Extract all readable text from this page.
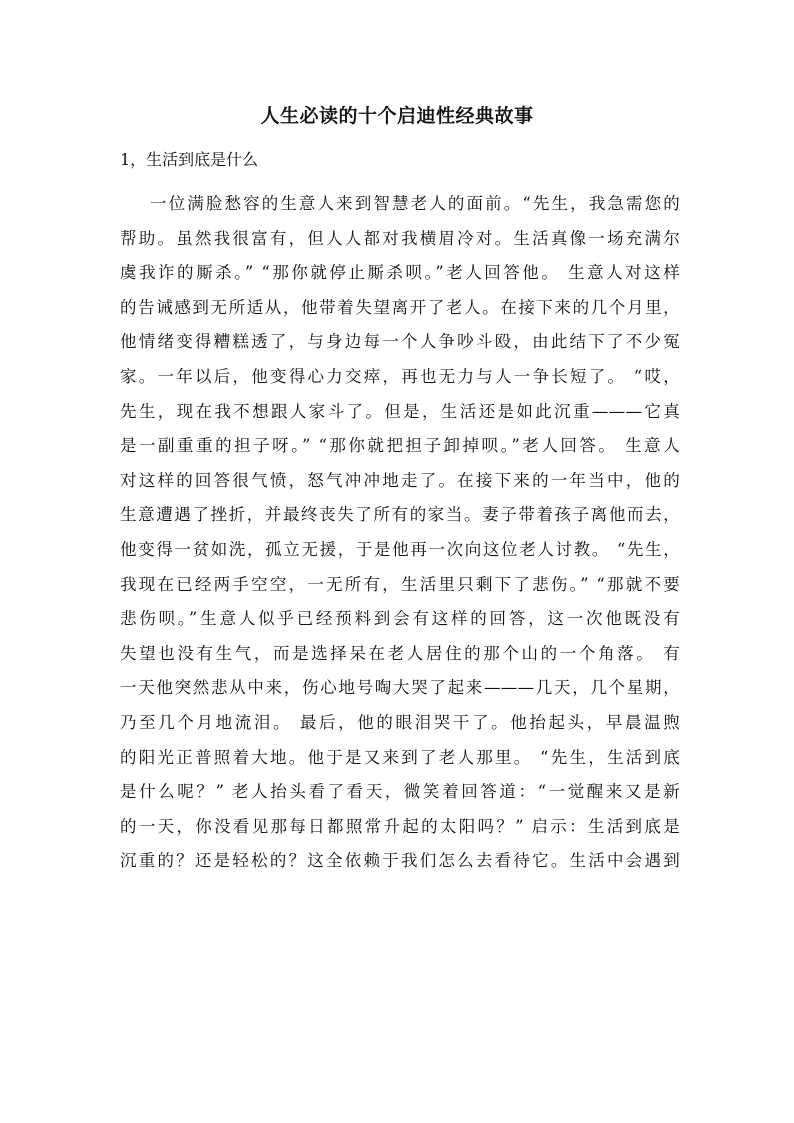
人生必读的十个启迪性经典故事
1，生活到底是什么
一位满脸愁容的生意人来到智慧老人的面前。“先生，我急需您的
帮助。虽然我很富有，但人人都对我横眉冷对。生活真像一场充满尔
虞我诈的厮杀。” “那你就停止厮杀呗。”老人回答他。 生意人对这样
的告诫感到无所适从，他带着失望离开了老人。在接下来的几个月里，
他情绪变得糟糕透了，与身边每一个人争吵斗殴，由此结下了不少冤
家。一年以后，他变得心力交瘁，再也无力与人一争长短了。 “哎，
先生，现在我不想跟人家斗了。但是，生活还是如此沉重———它真
是一副重重的担子呀。” “那你就把担子卸掉呗。”老人回答。 生意人
对这样的回答很气愤，怒气冲冲地走了。在接下来的一年当中，他的
生意遭遇了挫折，并最终丧失了所有的家当。妻子带着孩子离他而去，
他变得一贫如洗，孤立无援，于是他再一次向这位老人讨教。 “先生，
我现在已经两手空空，一无所有，生活里只剩下了悲伤。” “那就不要
悲伤呗。”生意人似乎已经预料到会有这样的回答，这一次他既没有
失望也没有生气，而是选择呆在老人居住的那个山的一个角落。 有
一天他突然悲从中来，伤心地号啕大哭了起来———几天，几个星期，
乃至几个月地流泪。 最后，他的眼泪哭干了。他抬起头，早晨温煦
的阳光正普照着大地。他于是又来到了老人那里。 “先生，生活到底
是什么呢？” 老人抬头看了看天，微笑着回答道：“一觉醒来又是新
的一天，你没看见那每日都照常升起的太阳吗？” 启示：生活到底是
沉重的？还是轻松的？这全依赖于我们怎么去看待它。生活中会遇到
